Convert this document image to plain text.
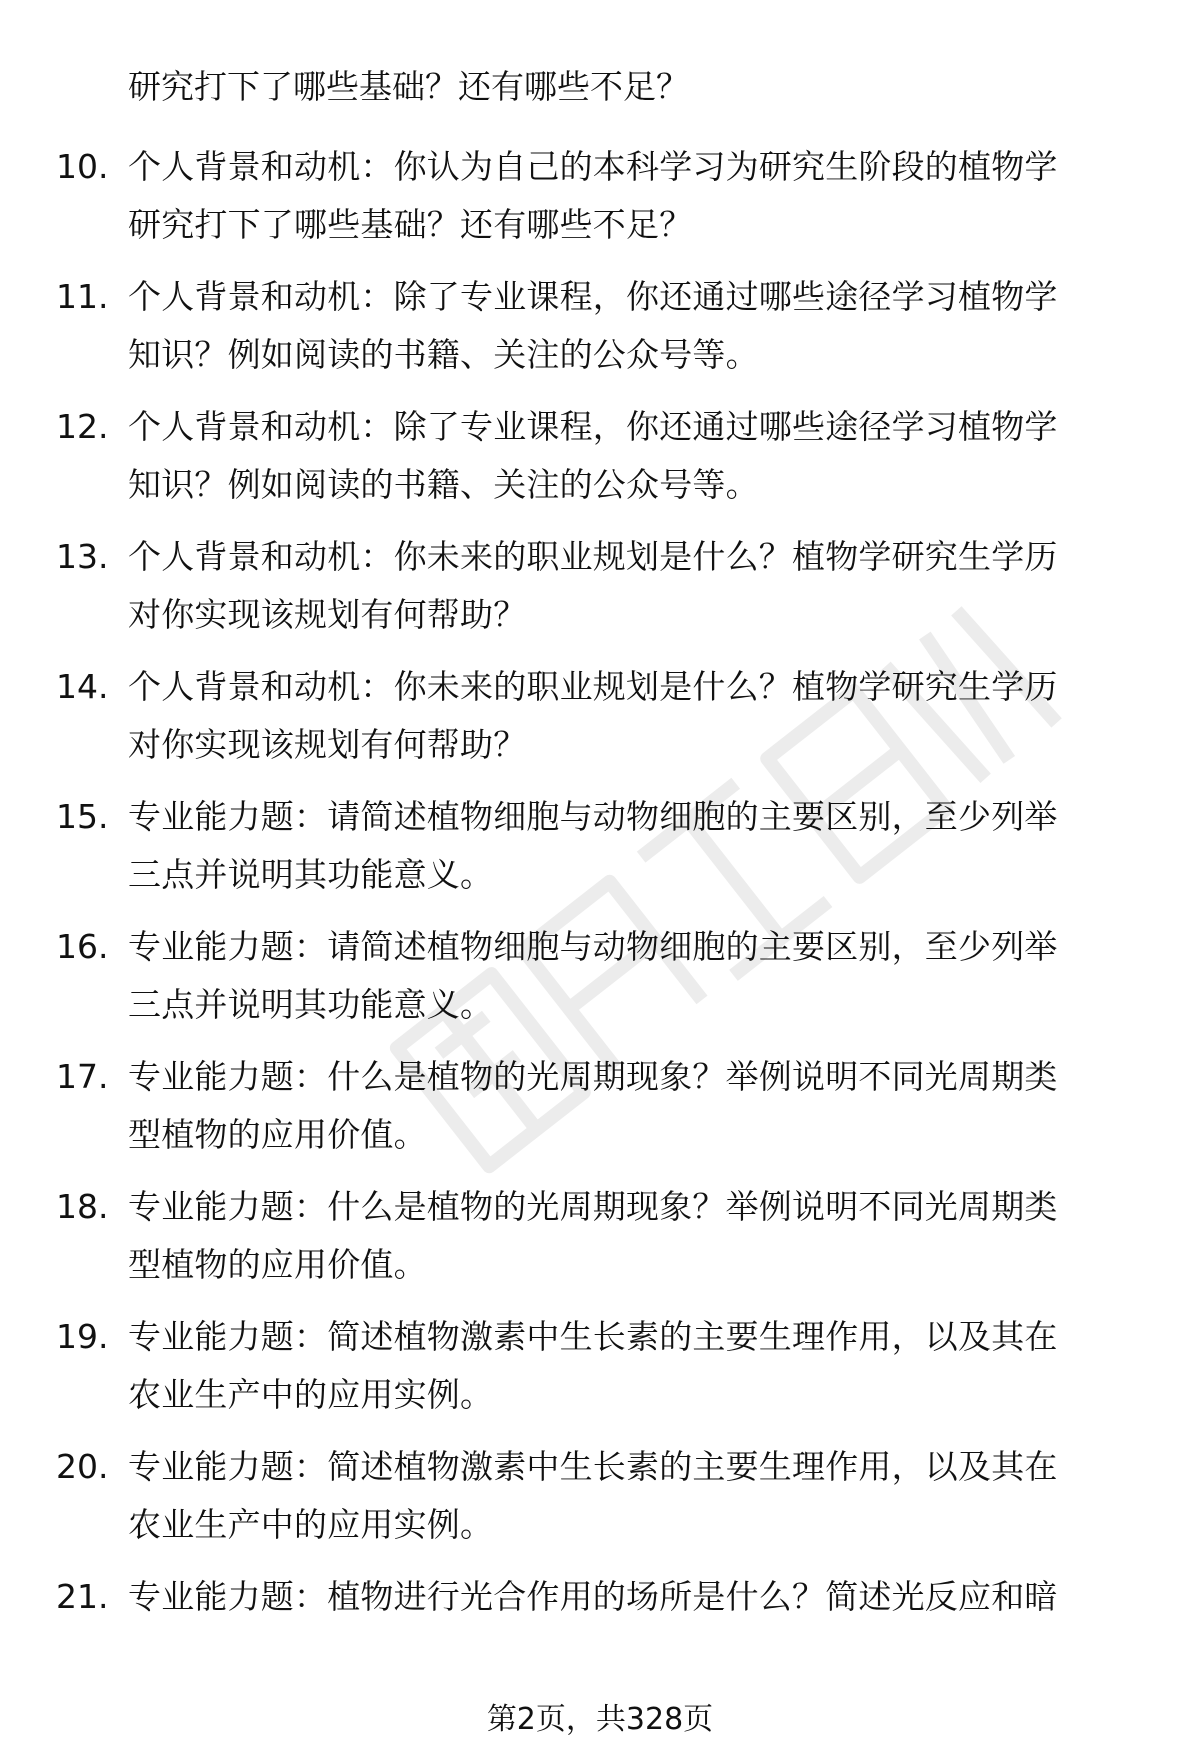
研究打下了哪些基础？还有哪些不足？
10. 个人背景和动机：你认为自己的本科学习为研究生阶段的植物学
研究打下了哪些基础？还有哪些不足？
11. 个人背景和动机：除了专业课程，你还通过哪些途径学习植物学
知识？例如阅读的书籍、关注的公众号等。
12. 个人背景和动机：除了专业课程，你还通过哪些途径学习植物学
知识？例如阅读的书籍、关注的公众号等。
13. 个人背景和动机：你未来的职业规划是什么？植物学研究生学历
对你实现该规划有何帮助？
14. 个人背景和动机：你未来的职业规划是什么？植物学研究生学历
对你实现该规划有何帮助？
15. 专业能力题：请简述植物细胞与动物细胞的主要区别，至少列举
三点并说明其功能意义。
16. 专业能力题：请简述植物细胞与动物细胞的主要区别，至少列举
三点并说明其功能意义。
17. 专业能力题：什么是植物的光周期现象？举例说明不同光周期类
型植物的应用价值。
18. 专业能力题：什么是植物的光周期现象？举例说明不同光周期类
型植物的应用价值。
19. 专业能力题：简述植物激素中生长素的主要生理作用，以及其在
农业生产中的应用实例。
20. 专业能力题：简述植物激素中生长素的主要生理作用，以及其在
农业生产中的应用实例。
21. 专业能力题：植物进行光合作用的场所是什么？简述光反应和暗
第2页，共328页
